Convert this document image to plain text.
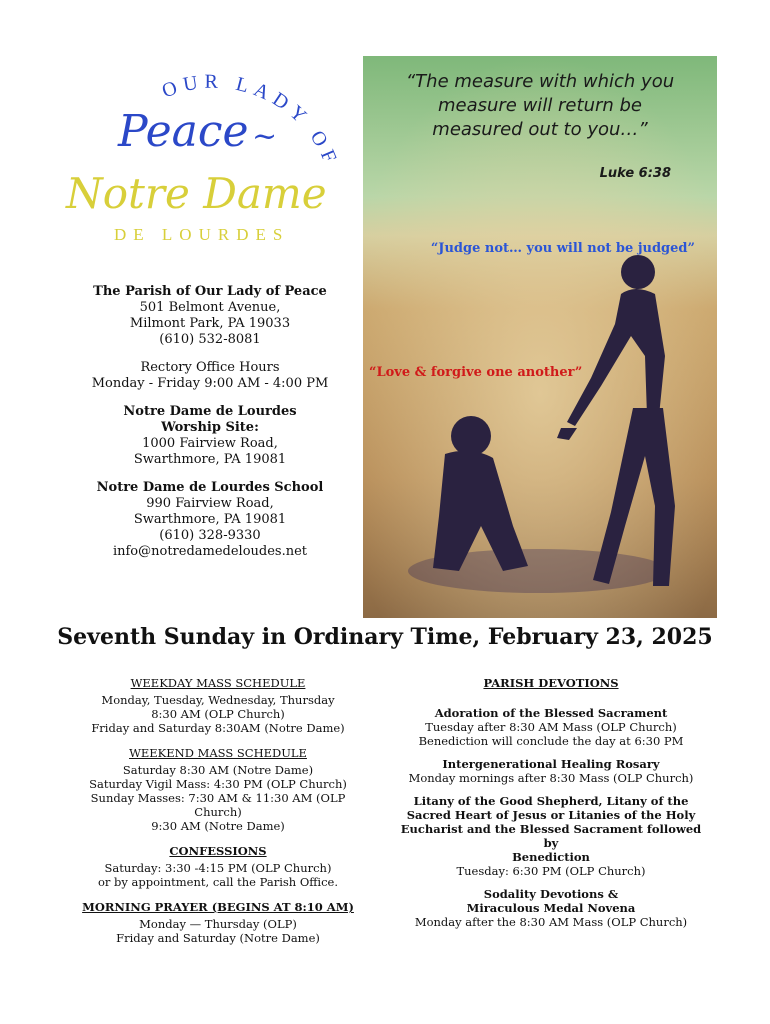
OUR LADY OF
Peace ~
Notre Dame
DE LOURDES
The Parish of Our Lady of Peace
501 Belmont Avenue,
Milmont Park, PA 19033
(610) 532-8081
Rectory Office Hours
Monday - Friday 9:00 AM - 4:00 PM
Notre Dame de Lourdes
Worship Site:
1000 Fairview Road,
Swarthmore, PA 19081
Notre Dame de Lourdes School
990 Fairview Road,
Swarthmore, PA 19081
(610) 328-9330
info@notredamedeloudes.net
“The measure with which you
measure will return be
measured out to you…”
Luke 6:38
“Judge not… you will not be judged”
“Love & forgive one another”
Seventh Sunday in Ordinary Time, February 23, 2025
WEEKDAY MASS SCHEDULE
Monday, Tuesday, Wednesday, Thursday
8:30 AM (OLP Church)
Friday and Saturday 8:30AM (Notre Dame)
WEEKEND MASS SCHEDULE
Saturday 8:30 AM (Notre Dame)
Saturday Vigil Mass: 4:30 PM (OLP Church)
Sunday Masses: 7:30 AM & 11:30 AM (OLP Church)
9:30 AM (Notre Dame)
CONFESSIONS
Saturday: 3:30 -4:15 PM (OLP Church)
or by appointment, call the Parish Office.
MORNING PRAYER (BEGINS AT 8:10 AM)
Monday — Thursday (OLP)
Friday and Saturday (Notre Dame)
PARISH DEVOTIONS
Adoration of the Blessed Sacrament
Tuesday after 8:30 AM Mass (OLP Church)
Benediction will conclude the day at 6:30 PM
Intergenerational Healing Rosary
Monday mornings after 8:30 Mass (OLP Church)
Litany of the Good Shepherd, Litany of the
Sacred Heart of Jesus or Litanies of the Holy
Eucharist and the Blessed Sacrament followed by
Benediction
Tuesday: 6:30 PM (OLP Church)
Sodality Devotions &
Miraculous Medal Novena
Monday after the 8:30 AM Mass (OLP Church)
